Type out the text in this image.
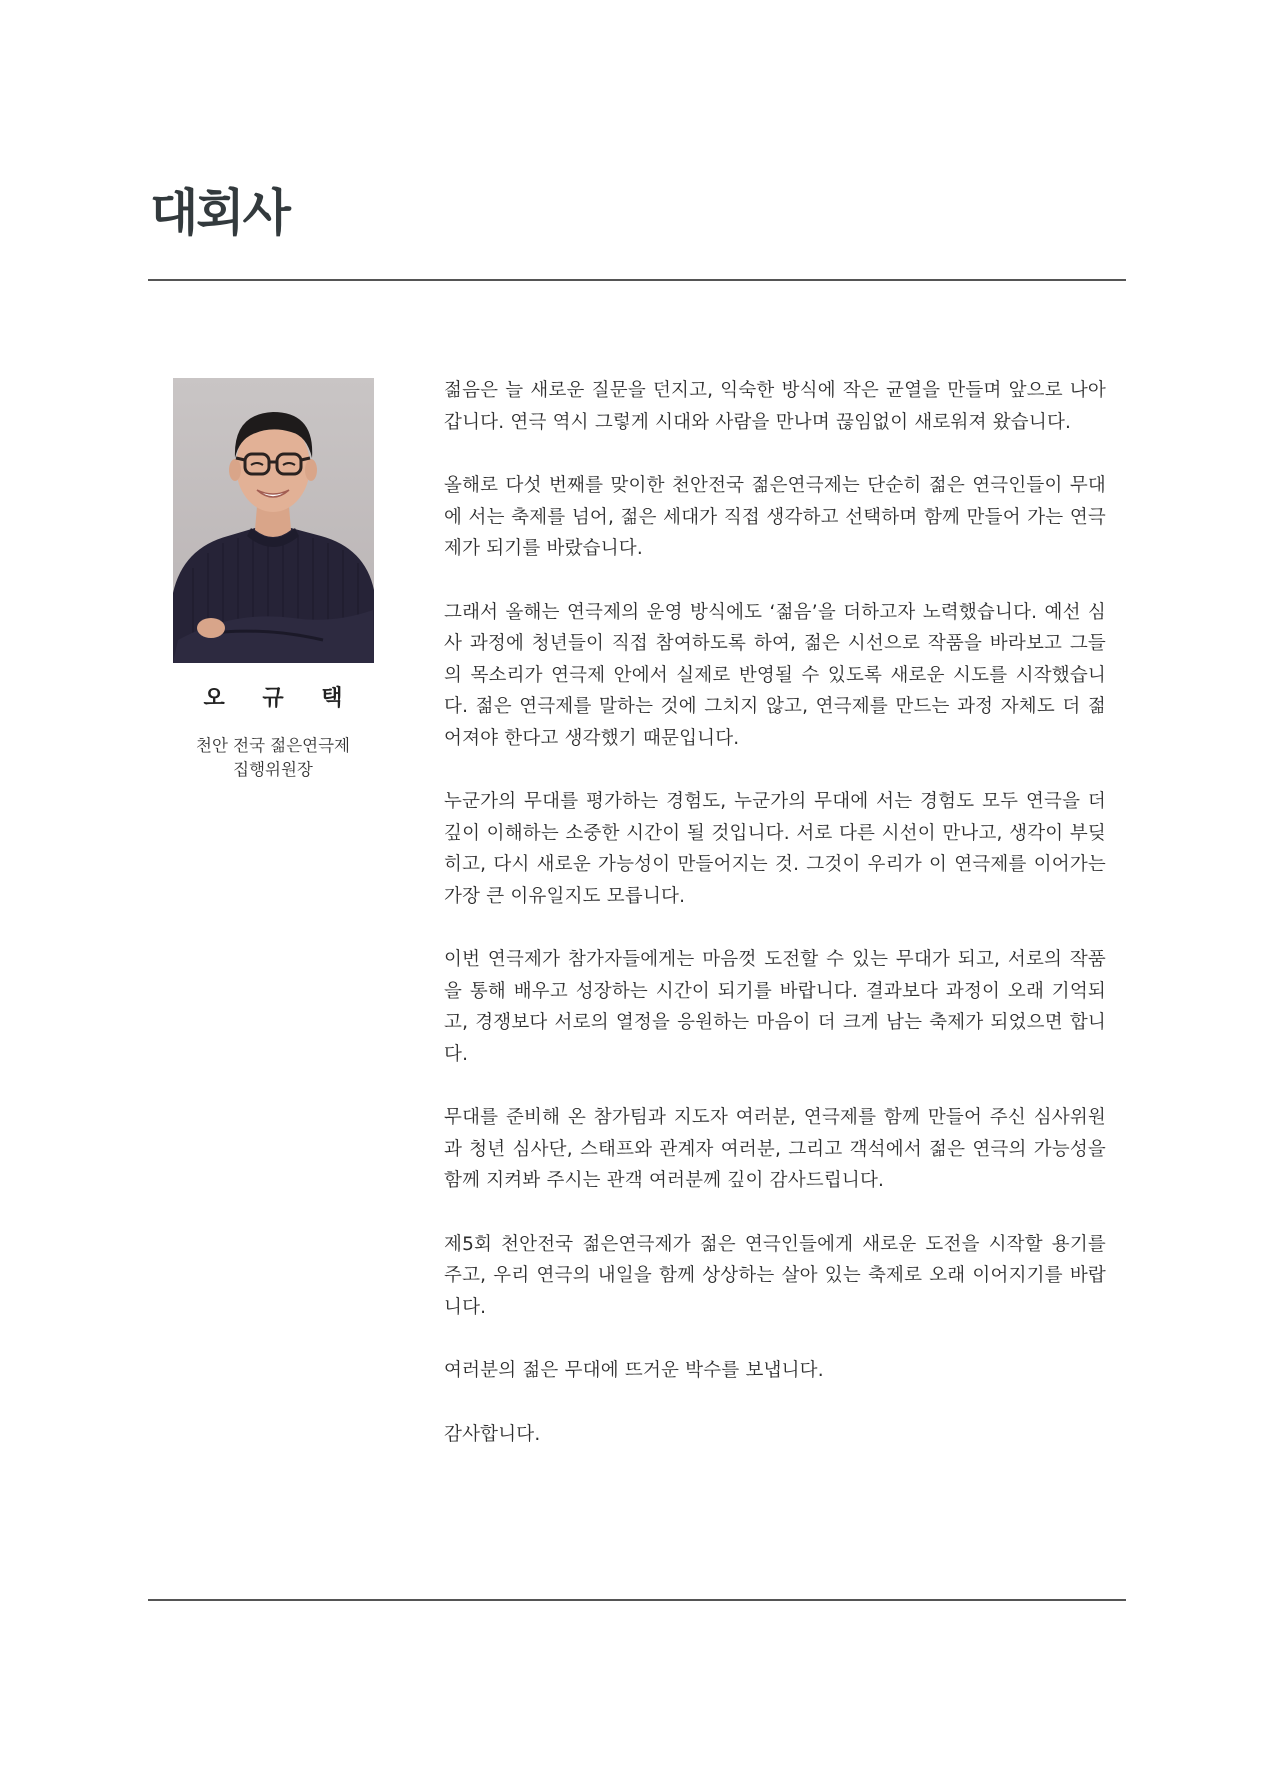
대회사
오 규 택
천안 전국 젊은연극제
집행위원장

젊음은 늘 새로운 질문을 던지고, 익숙한 방식에 작은 균열을 만들며 앞으로 나아갑니다. 연극 역시 그렇게 시대와 사람을 만나며 끊임없이 새로워져 왔습니다.

올해로 다섯 번째를 맞이한 천안전국 젊은연극제는 단순히 젊은 연극인들이 무대에 서는 축제를 넘어, 젊은 세대가 직접 생각하고 선택하며 함께 만들어 가는 연극제가 되기를 바랐습니다.

그래서 올해는 연극제의 운영 방식에도 ‘젊음’을 더하고자 노력했습니다. 예선 심사 과정에 청년들이 직접 참여하도록 하여, 젊은 시선으로 작품을 바라보고 그들의 목소리가 연극제 안에서 실제로 반영될 수 있도록 새로운 시도를 시작했습니다. 젊은 연극제를 말하는 것에 그치지 않고, 연극제를 만드는 과정 자체도 더 젊어져야 한다고 생각했기 때문입니다.

누군가의 무대를 평가하는 경험도, 누군가의 무대에 서는 경험도 모두 연극을 더 깊이 이해하는 소중한 시간이 될 것입니다. 서로 다른 시선이 만나고, 생각이 부딪히고, 다시 새로운 가능성이 만들어지는 것. 그것이 우리가 이 연극제를 이어가는 가장 큰 이유일지도 모릅니다.

이번 연극제가 참가자들에게는 마음껏 도전할 수 있는 무대가 되고, 서로의 작품을 통해 배우고 성장하는 시간이 되기를 바랍니다. 결과보다 과정이 오래 기억되고, 경쟁보다 서로의 열정을 응원하는 마음이 더 크게 남는 축제가 되었으면 합니다.

무대를 준비해 온 참가팀과 지도자 여러분, 연극제를 함께 만들어 주신 심사위원과 청년 심사단, 스태프와 관계자 여러분, 그리고 객석에서 젊은 연극의 가능성을 함께 지켜봐 주시는 관객 여러분께 깊이 감사드립니다.

제5회 천안전국 젊은연극제가 젊은 연극인들에게 새로운 도전을 시작할 용기를 주고, 우리 연극의 내일을 함께 상상하는 살아 있는 축제로 오래 이어지기를 바랍니다.

여러분의 젊은 무대에 뜨거운 박수를 보냅니다.

감사합니다.
